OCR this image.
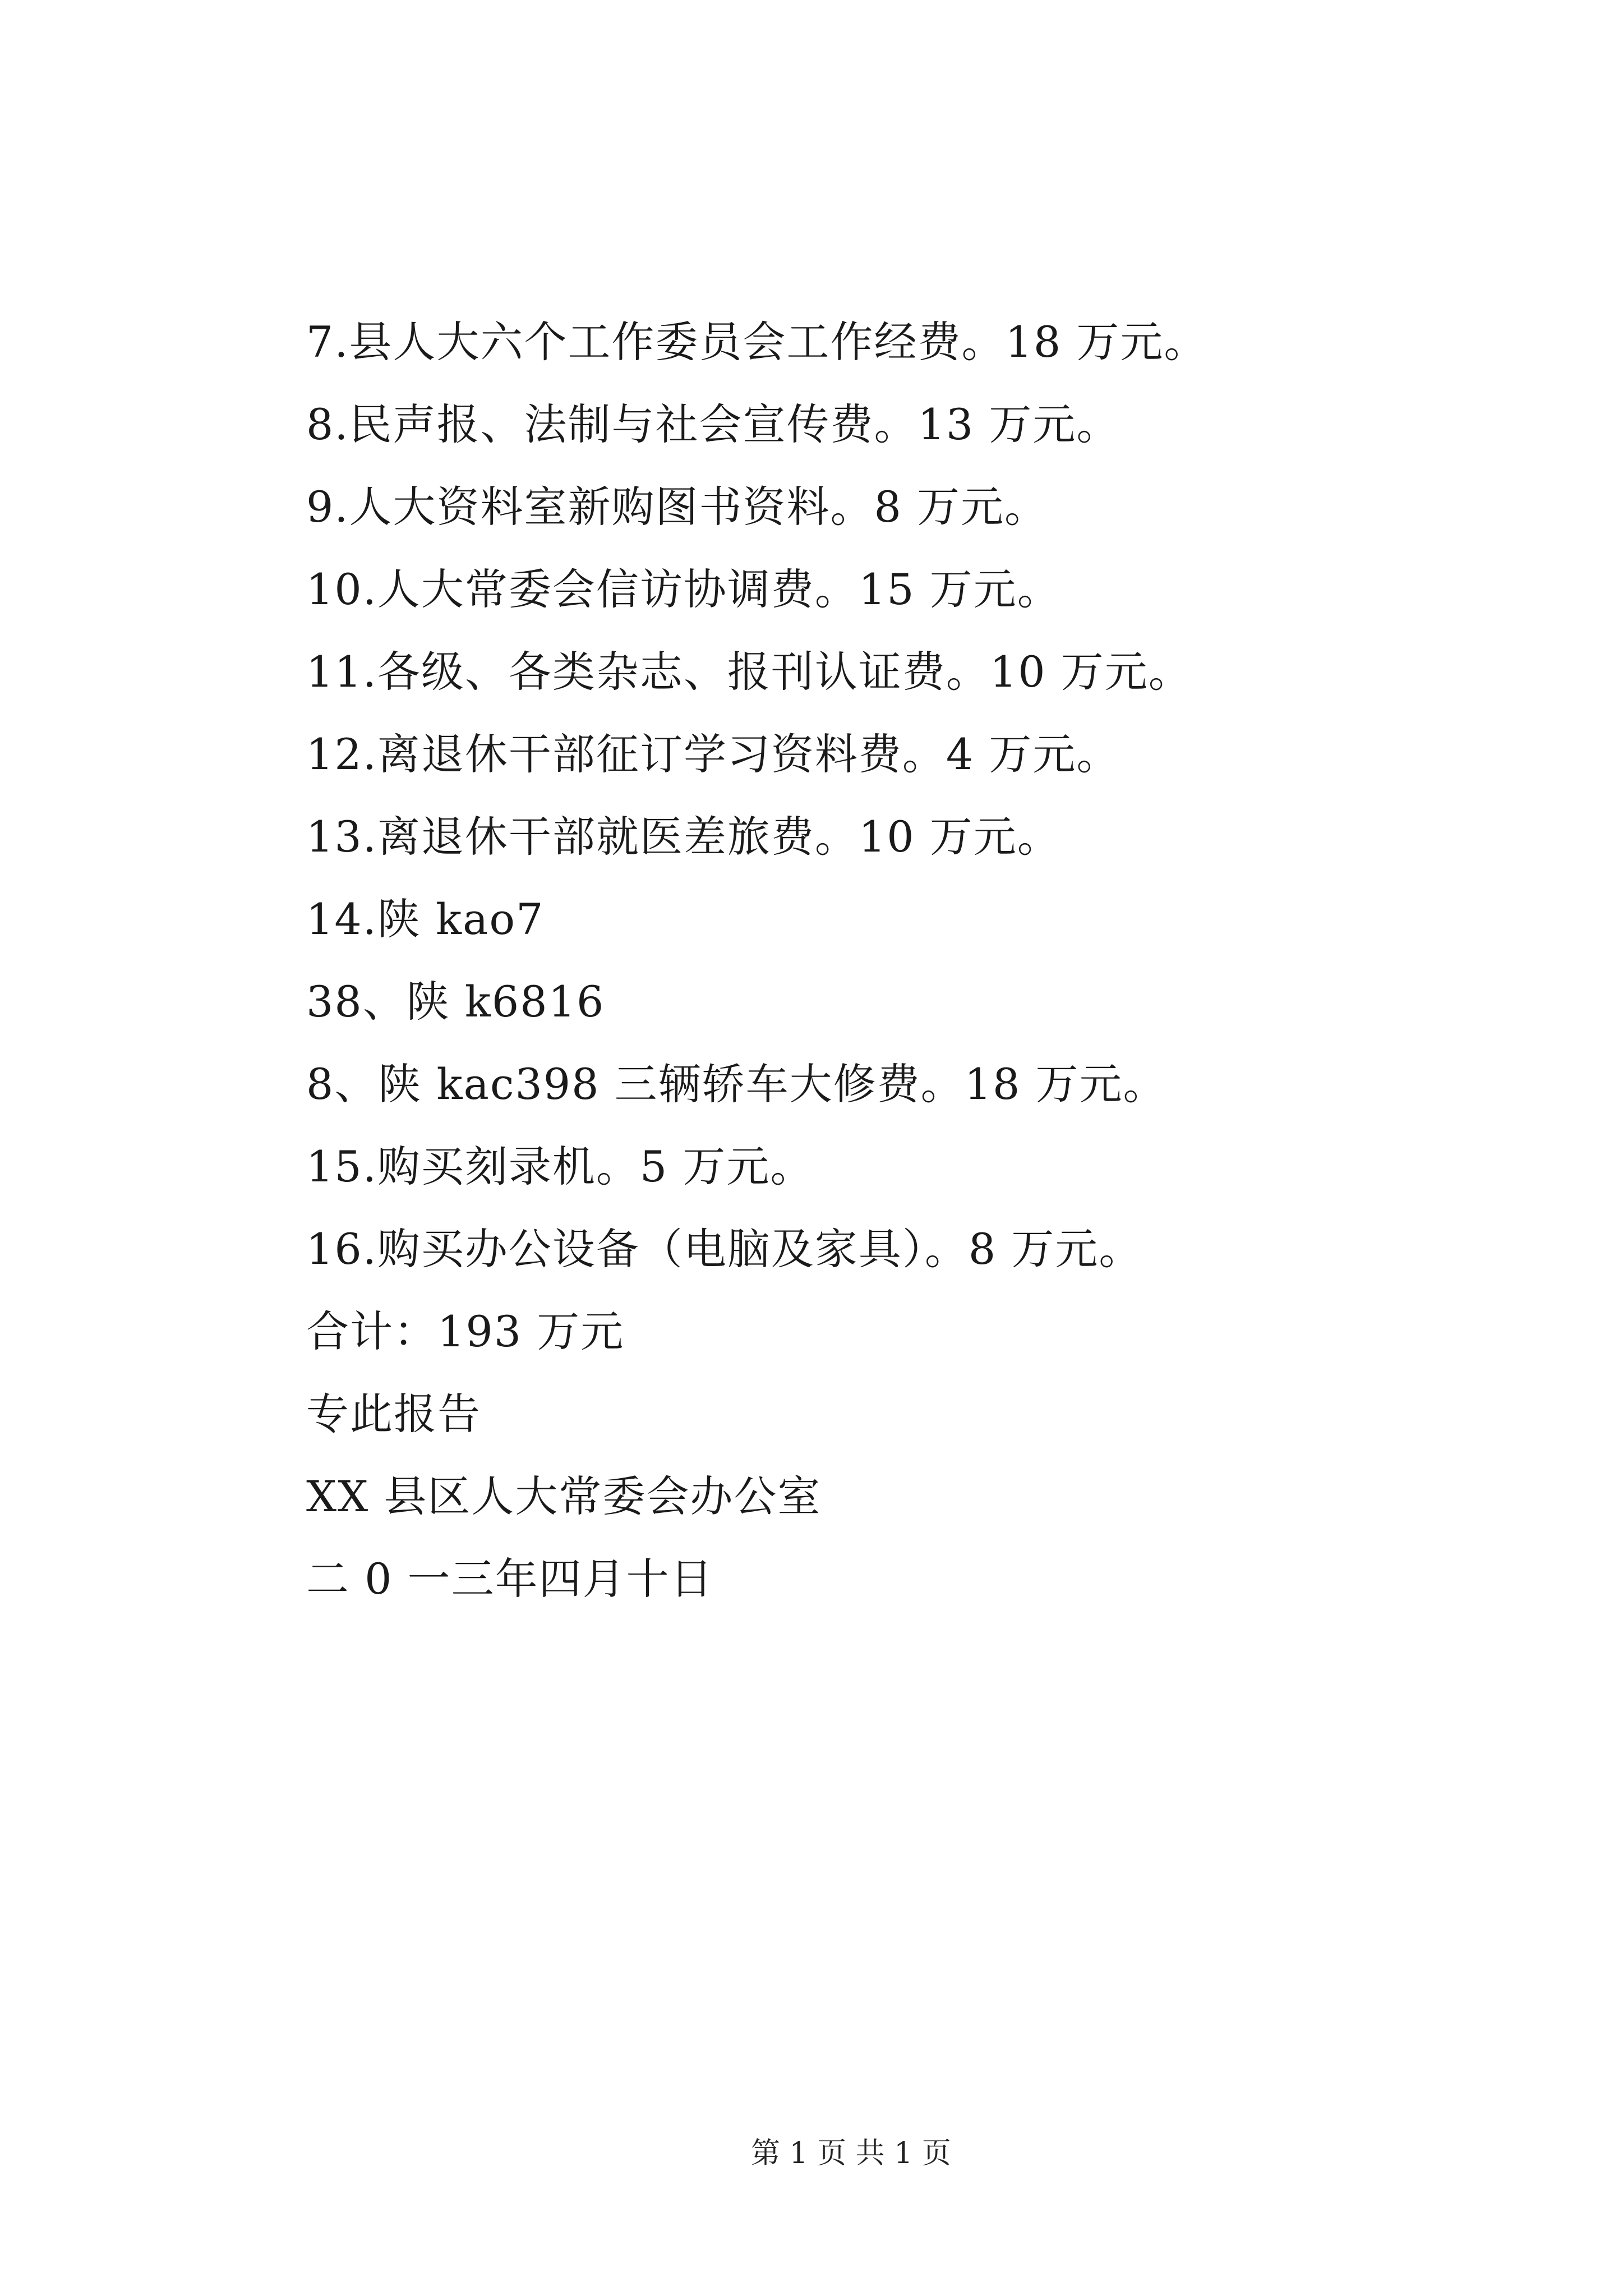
7.县人大六个工作委员会工作经费。18 万元。
8.民声报、法制与社会宣传费。13 万元。
9.人大资料室新购图书资料。8 万元。
10.人大常委会信访协调费。15 万元。
11.各级、各类杂志、报刊认证费。10 万元。
12.离退休干部征订学习资料费。4 万元。
13.离退休干部就医差旅费。10 万元。
14.陕 kao7
38、陕 k6816
8、陕 kac398 三辆轿车大修费。18 万元。
15.购买刻录机。5 万元。
16.购买办公设备（电脑及家具）。8 万元。
合计：193 万元
专此报告
XX 县区人大常委会办公室
二 0 一三年四月十日
第 1 页 共 1 页
